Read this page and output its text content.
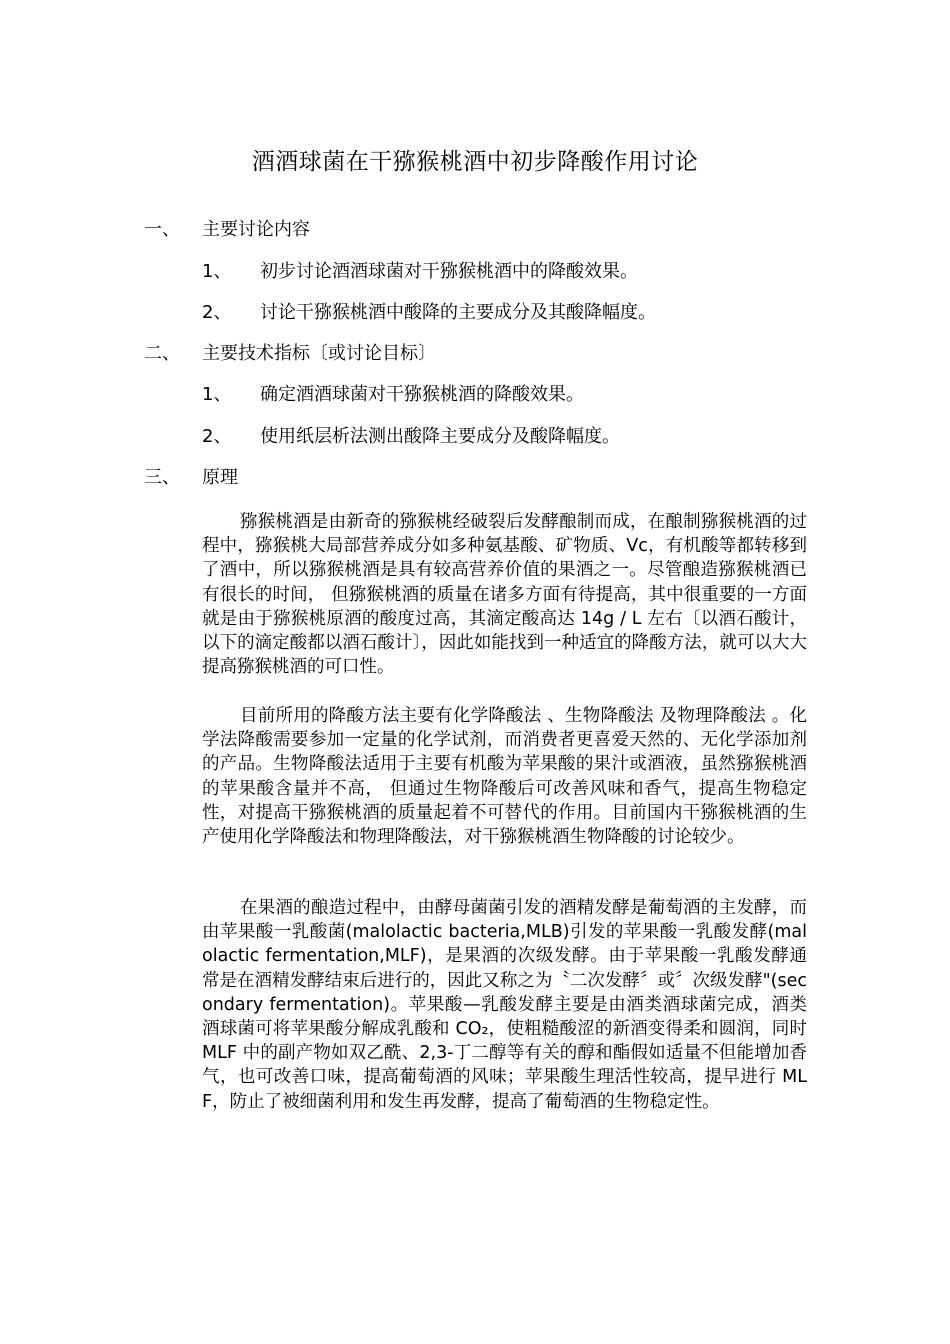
酒酒球菌在干猕猴桃酒中初步降酸作用讨论
一、 主要讨论内容
1、 初步讨论酒酒球菌对干猕猴桃酒中的降酸效果。
2、 讨论干猕猴桃酒中酸降的主要成分及其酸降幅度。
二、 主要技术指标〔或讨论目标〕
1、 确定酒酒球菌对干猕猴桃酒的降酸效果。
2、 使用纸层析法测出酸降主要成分及酸降幅度。
三、 原理

猕猴桃酒是由新奇的猕猴桃经破裂后发酵酿制而成，在酿制猕猴桃酒的过程中，猕猴桃大局部营养成分如多种氨基酸、矿物质、Vc，有机酸等都转移到了酒中，所以猕猴桃酒是具有较高营养价值的果酒之一。尽管酿造猕猴桃酒已有很长的时间， 但猕猴桃酒的质量在诸多方面有待提高，其中很重要的一方面就是由于猕猴桃原酒的酸度过高，其滴定酸高达 14g / L 左右〔以酒石酸计，以下的滴定酸都以酒石酸计〕，因此如能找到一种适宜的降酸方法，就可以大大提高猕猴桃酒的可口性。

目前所用的降酸方法主要有化学降酸法 、生物降酸法 及物理降酸法 。化学法降酸需要参加一定量的化学试剂，而消费者更喜爱天然的、无化学添加剂的产品。生物降酸法适用于主要有机酸为苹果酸的果汁或酒液，虽然猕猴桃酒的苹果酸含量并不高， 但通过生物降酸后可改善风味和香气，提高生物稳定性，对提高干猕猴桃酒的质量起着不可替代的作用。目前国内干猕猴桃酒的生产使用化学降酸法和物理降酸法，对干猕猴桃酒生物降酸的讨论较少。

在果酒的酿造过程中，由酵母菌菌引发的酒精发酵是葡萄酒的主发酵，而由苹果酸一乳酸菌(malolactic bacteria,MLB)引发的苹果酸一乳酸发酵(malolactic fermentation,MLF)，是果酒的次级发酵。由于苹果酸一乳酸发酵通常是在酒精发酵结束后进行的，因此又称之为〝二次发酵〞或〞次级发酵"(secondary fermentation)。苹果酸—乳酸发酵主要是由酒类酒球菌完成，酒类酒球菌可将苹果酸分解成乳酸和 CO₂，使粗糙酸涩的新酒变得柔和圆润，同时 MLF 中的副产物如双乙酰、2,3-丁二醇等有关的醇和酯假如适量不但能增加香气，也可改善口味，提高葡萄酒的风味；苹果酸生理活性较高，提早进行 MLF，防止了被细菌利用和发生再发酵，提高了葡萄酒的生物稳定性。
